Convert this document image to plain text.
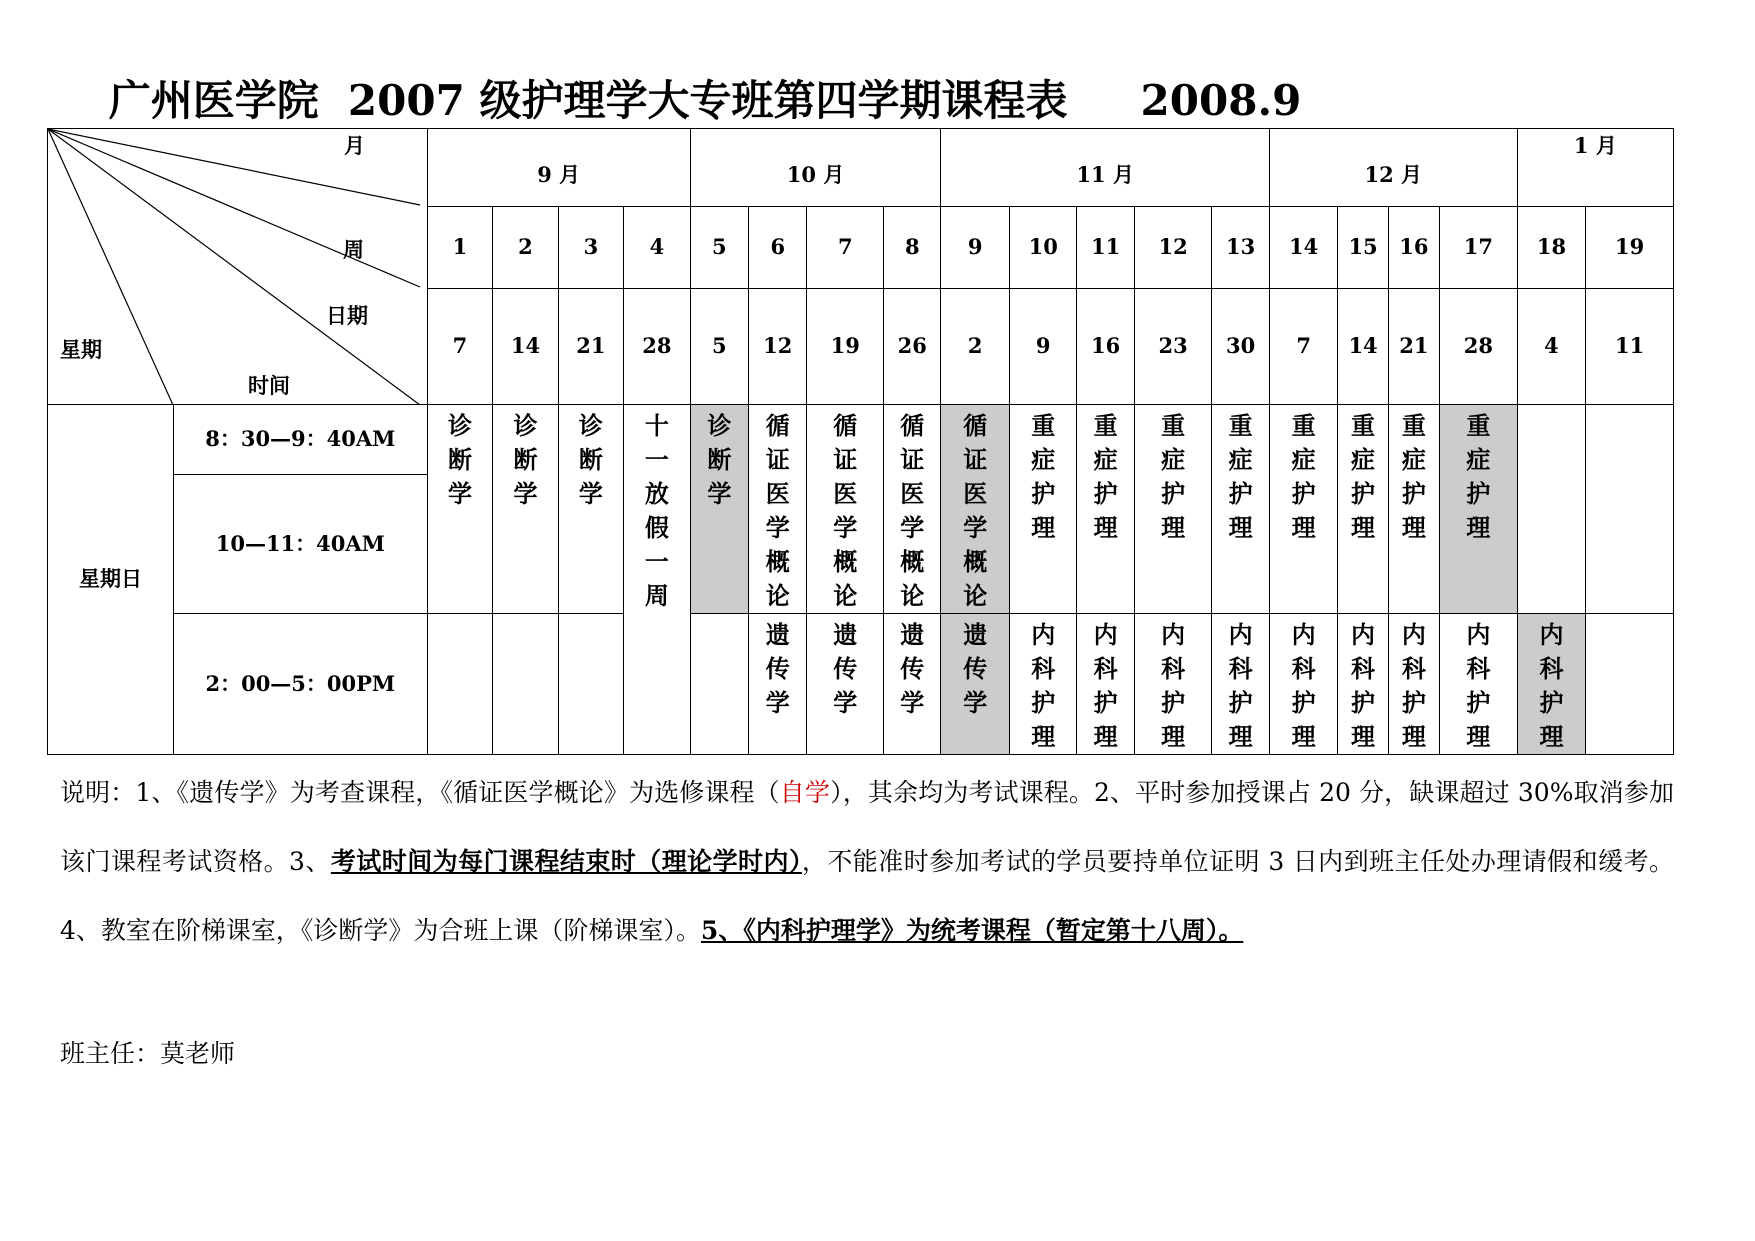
广州医学院  2007 级护理学大专班第四学期课程表     2008.9
月
周
日期
星期
时间		9 月				10 月				11 月					12 月				1 月	

		1	2	3	4	5	6	7	8	9	10	11	12	13	14	15	16	17	18	19
		7	14	21	28	5	12	19	26	2	9	16	23	30	7	14	21	28	4	11
星期日	8：30—9：40AM	诊断学	诊断学	诊断学	十一放假一周	诊断学	循证医学概论	循证医学概论	循证医学概论	循证医学概论	重症护理	重症护理	重症护理	重症护理	重症护理	重症护理	重症护理	重症护理		
	10—11：40AM																			
	2：00—5：00PM						遗传学	遗传学	遗传学	遗传学	内科护理	内科护理	内科护理	内科护理	内科护理	内科护理	内科护理	内科护理	内科护理	
说明：1、《遗传学》为考查课程，《循证医学概论》为选修课程（自学），其余均为考试课程。2、平时参加授课占 20 分，缺课超过 30%取消参加该门课程考试资格。3、考试时间为每门课程结束时（理论学时内），不能准时参加考试的学员要持单位证明 3 日内到班主任处办理请假和缓考。4、教室在阶梯课室，《诊断学》为合班上课（阶梯课室）。5、《内科护理学》为统考课程（暂定第十八周）。
班主任：莫老师
